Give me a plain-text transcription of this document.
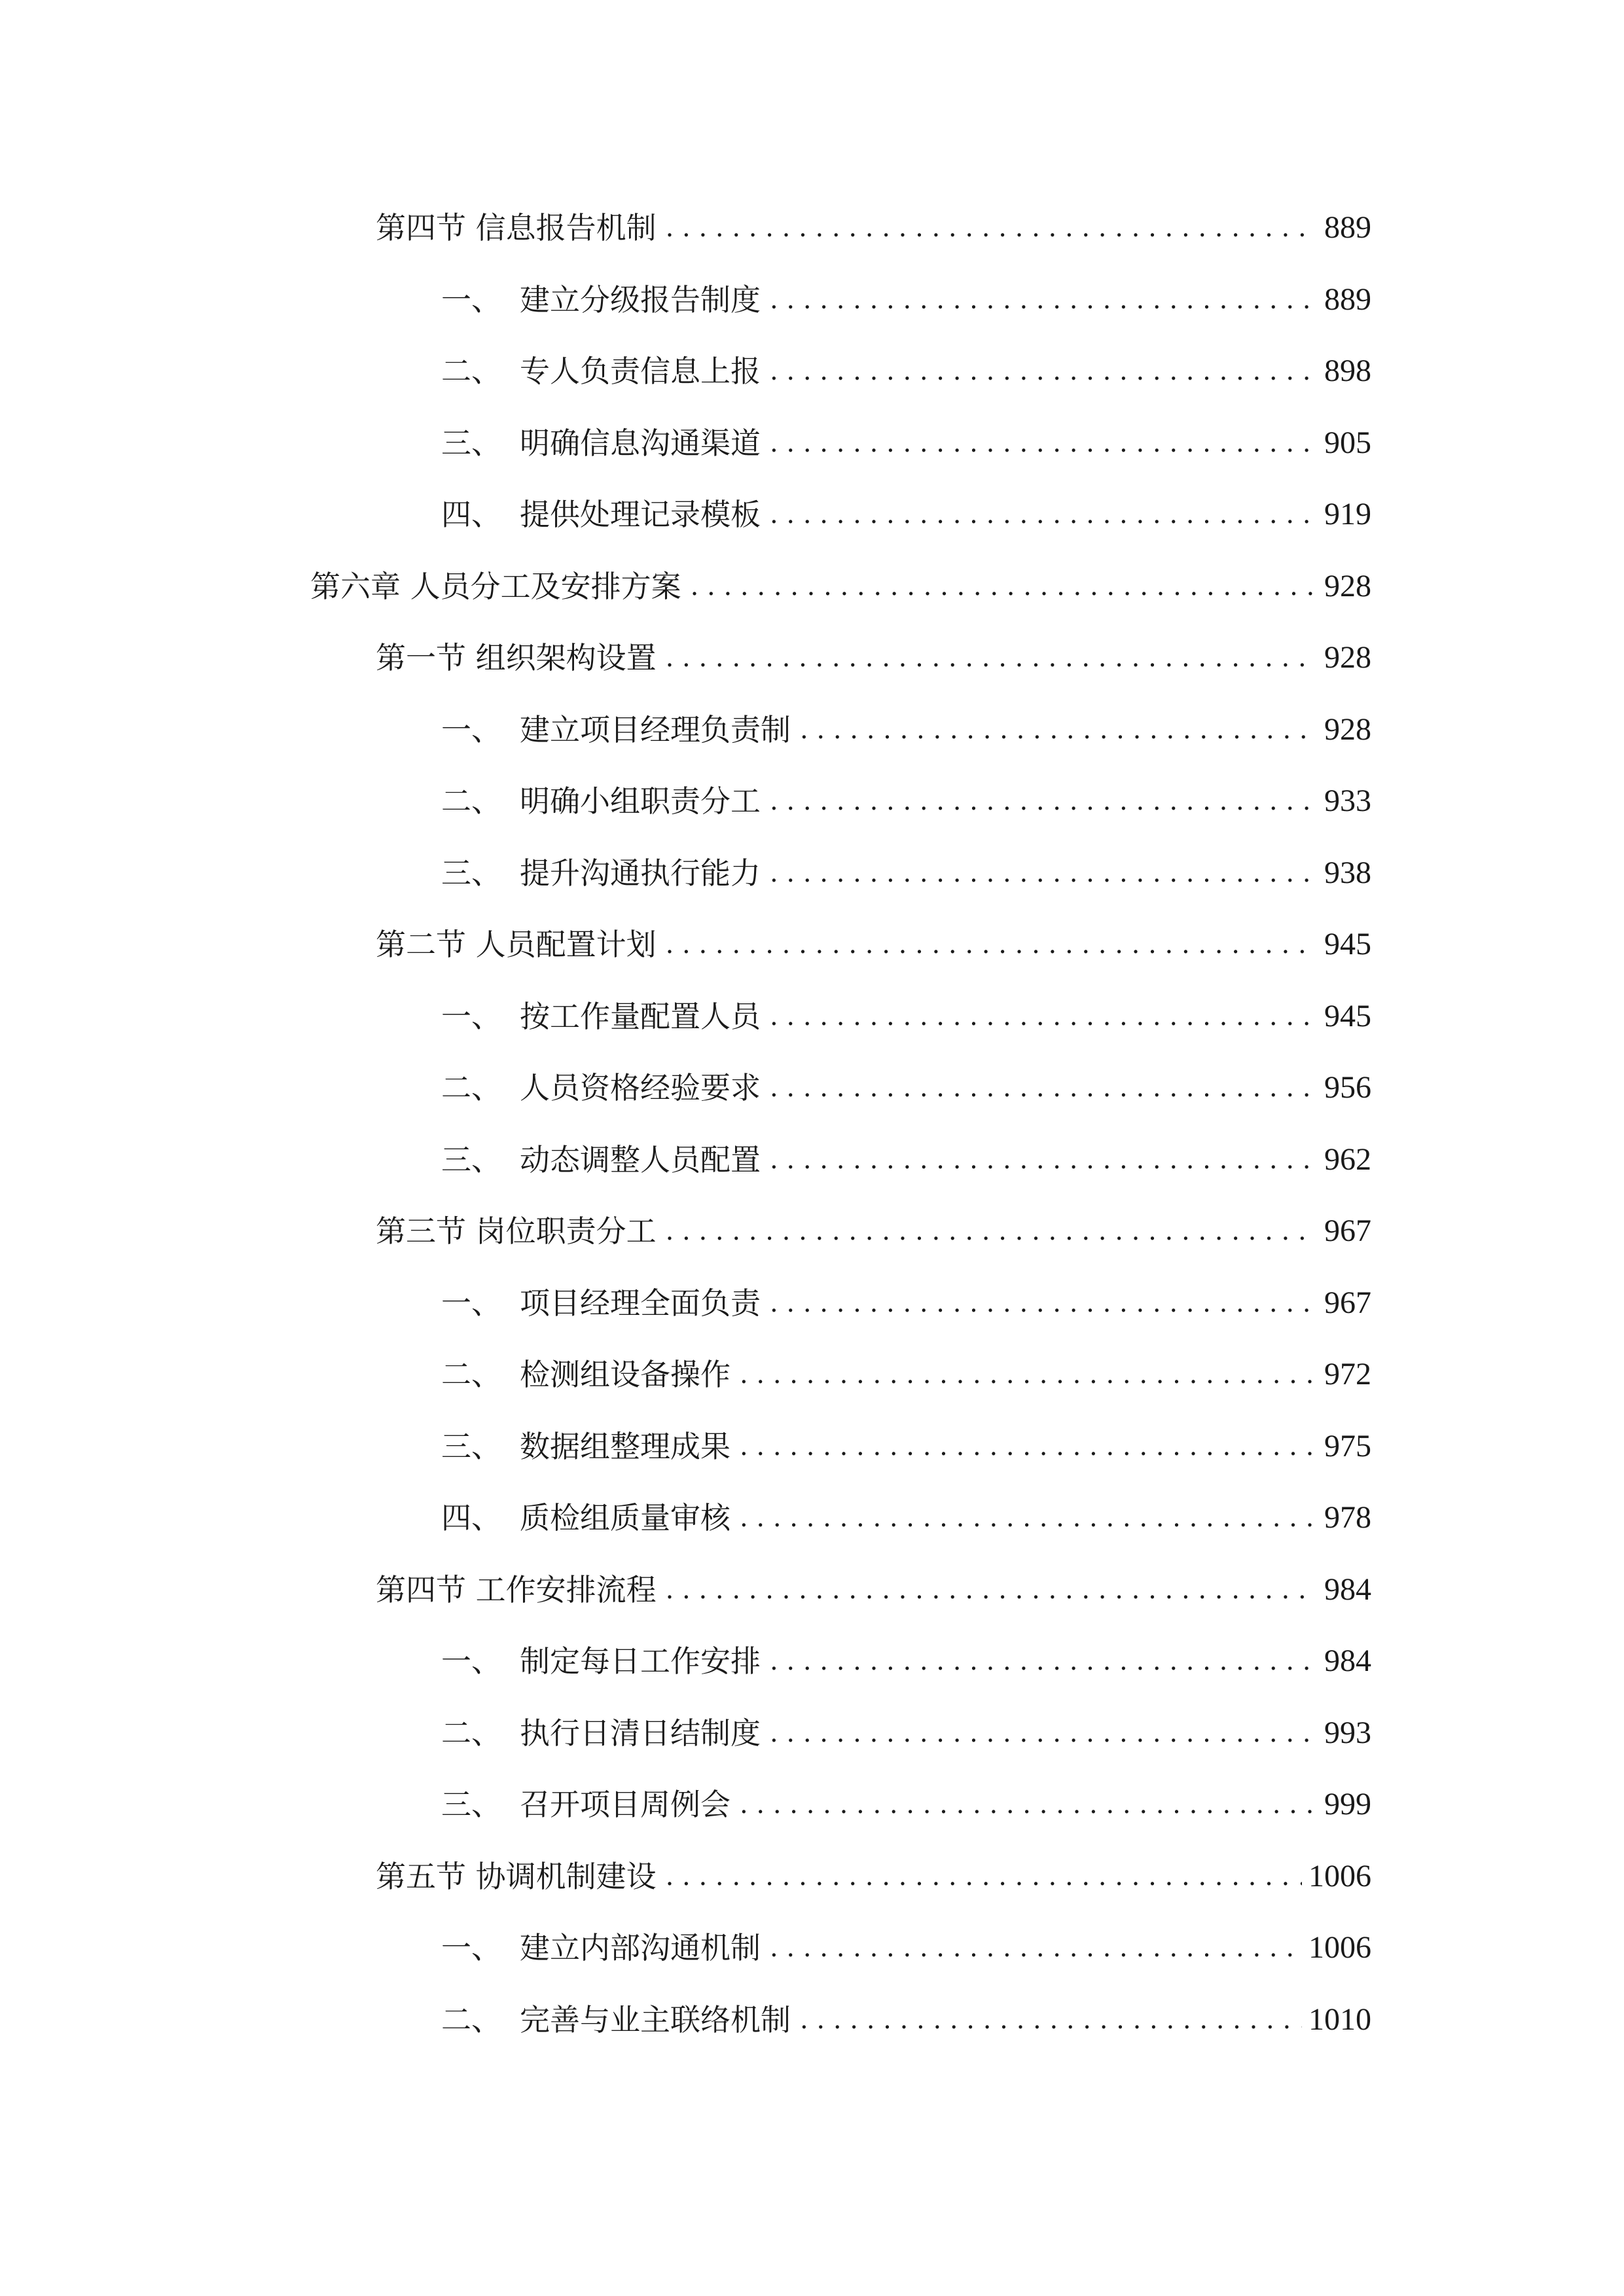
第四节 信息报告机制 . . .	889
一、 建立分级报告制度 . . .	889
二、 专人负责信息上报 . . .	898
三、 明确信息沟通渠道 . . .	905
四、 提供处理记录模板 . . .	919
第六章 人员分工及安排方案 . . .	928
第一节 组织架构设置 . . .	928
一、 建立项目经理负责制 . . .	928
二、 明确小组职责分工 . . .	933
三、 提升沟通执行能力 . . .	938
第二节 人员配置计划 . . .	945
一、 按工作量配置人员 . . .	945
二、 人员资格经验要求 . . .	956
三、 动态调整人员配置 . . .	962
第三节 岗位职责分工 . . .	967
一、 项目经理全面负责 . . .	967
二、 检测组设备操作 . . .	972
三、 数据组整理成果 . . .	975
四、 质检组质量审核 . . .	978
第四节 工作安排流程 . . .	984
一、 制定每日工作安排 . . .	984
二、 执行日清日结制度 . . .	993
三、 召开项目周例会 . . .	999
第五节 协调机制建设 . . .	1006
一、 建立内部沟通机制 . . .	1006
二、 完善与业主联络机制 . . .	1010
